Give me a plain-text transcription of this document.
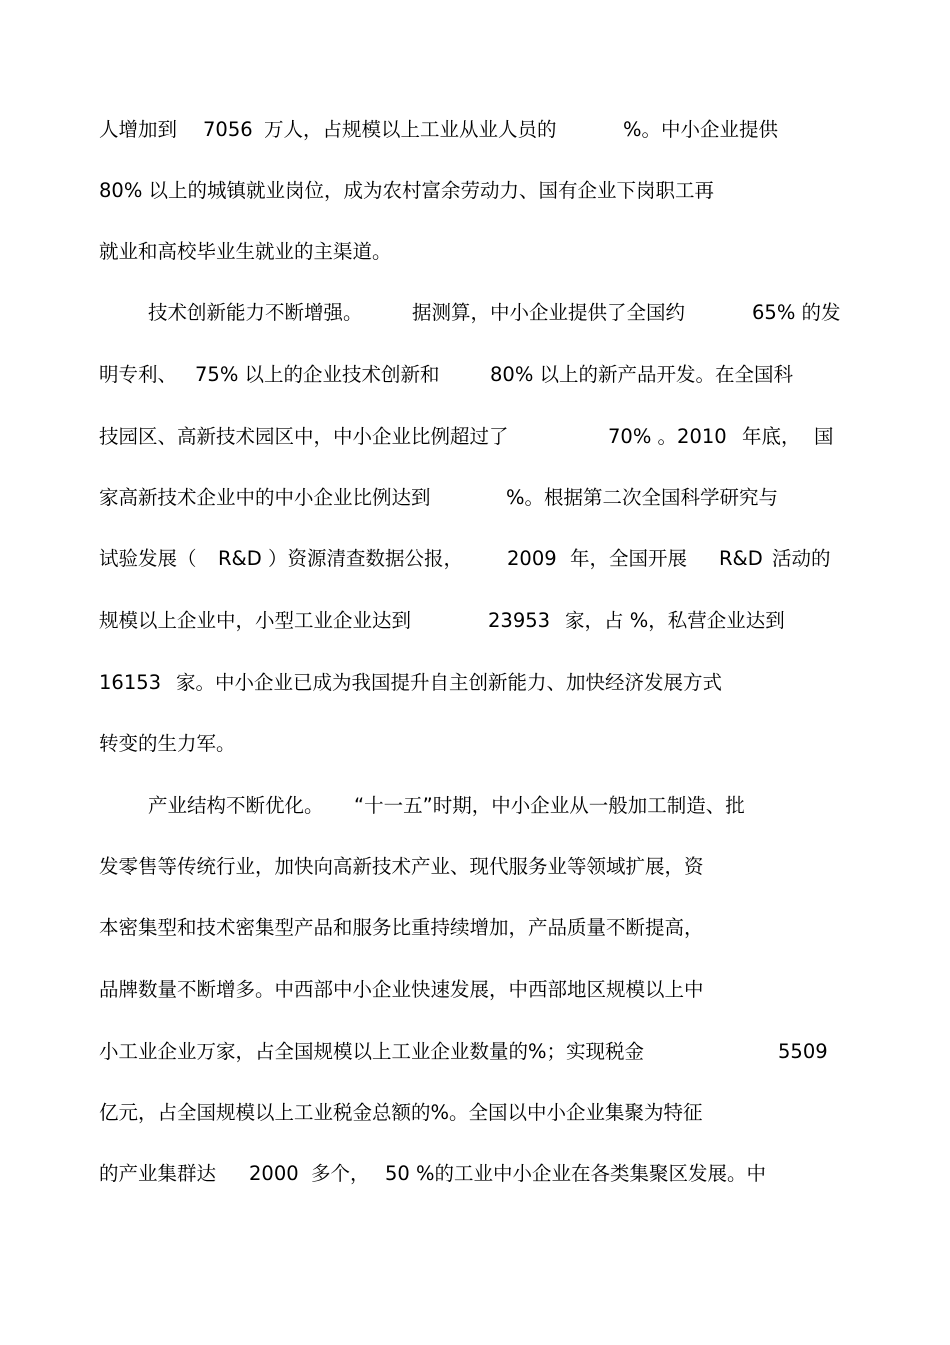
人增加到 7056 万人，占规模以上工业从业人员的	%。中小企业提供
80% 以上的城镇就业岗位，成为农村富余劳动力、国有企业下岗职工再
就业和高校毕业生就业的主渠道。
技术创新能力不断增强。	据测算，中小企业提供了全国约	65% 的发
明专利、 75% 以上的企业技术创新和	80% 以上的新产品开发。在全国科
技园区、高新技术园区中，中小企业比例超过了	70% 。2010 年底， 国
家高新技术企业中的中小企业比例达到	%。根据第二次全国科学研究与
试验发展（ R&D ）资源清查数据公报， 2009 年，全国开展 R&D 活动的
规模以上企业中，小型工业企业达到	23953 家，占 %，私营企业达到
16153 家。中小企业已成为我国提升自主创新能力、加快经济发展方式
转变的生力军。
产业结构不断优化。 “十一五”时期，中小企业从一般加工制造、批
发零售等传统行业，加快向高新技术产业、现代服务业等领域扩展，资
本密集型和技术密集型产品和服务比重持续增加，产品质量不断提高，
品牌数量不断增多。中西部中小企业快速发展，中西部地区规模以上中
小工业企业万家，占全国规模以上工业企业数量的%；实现税金	5509
亿元，占全国规模以上工业税金总额的%。全国以中小企业集聚为特征
的产业集群达 2000 多个， 50 %的工业中小企业在各类集聚区发展。中
